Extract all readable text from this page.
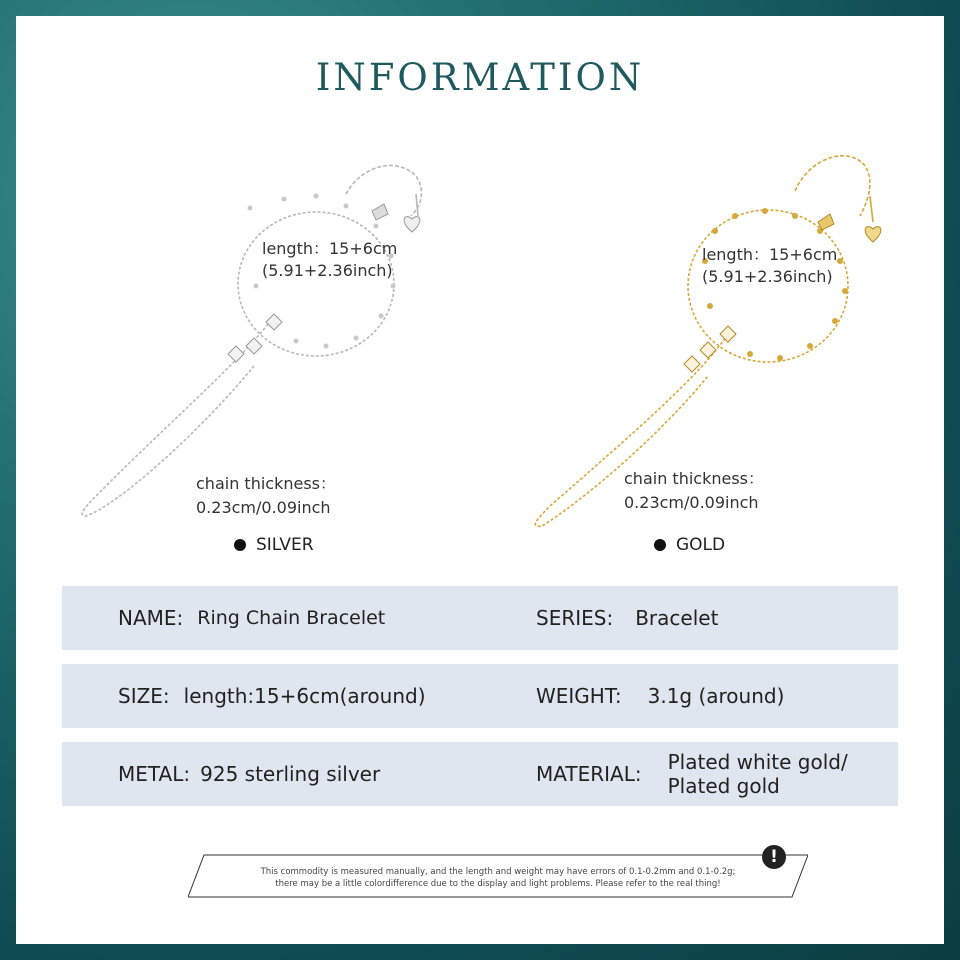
INFORMATION
length：15+6cm
(5.91+2.36inch)
chain thickness：
0.23cm/0.09inch
SILVER
length：15+6cm
(5.91+2.36inch)
chain thickness：
0.23cm/0.09inch
GOLD
NAME: Ring Chain Bracelet	SERIES: Bracelet
SIZE: length:15+6cm(around)	WEIGHT: 3.1g (around)
METAL: 925 sterling silver	MATERIAL: Plated white gold/
Plated gold
This commodity is measured manually, and the length and weight may have errors of 0.1-0.2mm and 0.1-0.2g;
there may be a little colordifference due to the display and light problems. Please refer to the real thing!
!
